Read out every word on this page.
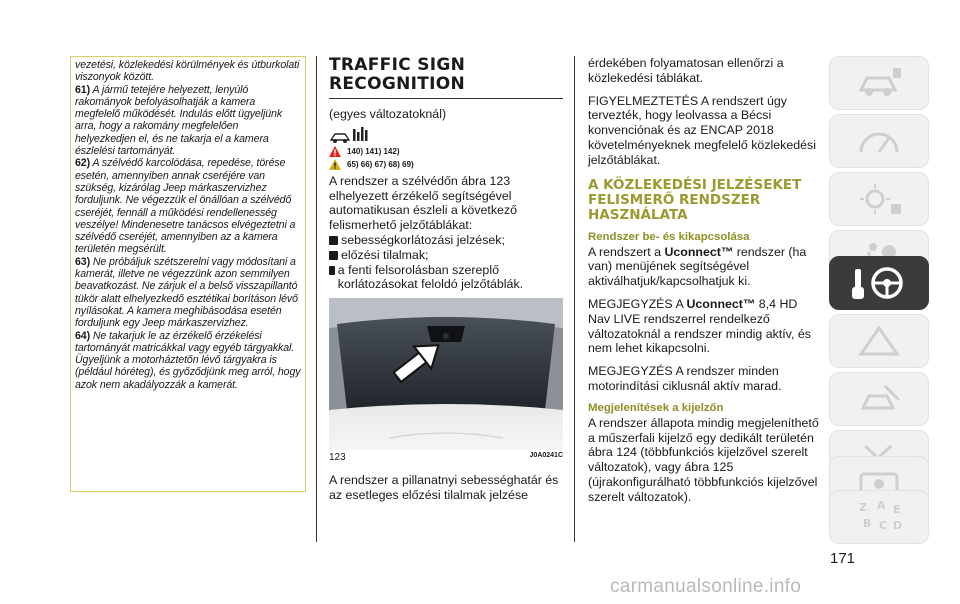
vezetési, közlekedési körülmények és útburkolati viszonyok között.

61) A jármű tetejére helyezett, lenyúló rakományok befolyásolhatják a kamera megfelelő működését. Indulás előtt ügyeljünk arra, hogy a rakomány megfelelően helyezkedjen el, és ne takarja el a kamera észlelési tartományát.

62) A szélvédő karcolódása, repedése, törése esetén, amennyiben annak cseréjére van szükség, kizárólag Jeep márkaszervizhez forduljunk. Ne végezzük el önállóan a szélvédő cseréjét, fennáll a működési rendellenesség veszélye! Mindenesetre tanácsos elvégeztetni a szélvédő cseréjét, amennyiben az a kamera területén megsérült.

63) Ne próbáljuk szétszerelni vagy módosítani a kamerát, illetve ne végezzünk azon semmilyen beavatkozást. Ne zárjuk el a belső visszapillantó tükör alatt elhelyezkedő esztétikai borításon lévő nyílásokat. A kamera meghibásodása esetén forduljunk egy Jeep márkaszervizhez.

64) Ne takarjuk le az érzékelő érzékelési tartományát matricákkal vagy egyéb tárgyakkal. Ügyeljünk a motorháztetőn lévő tárgyakra is (például hóréteg), és győződjünk meg arról, hogy azok nem akadályozzák a kamerát.

TRAFFIC SIGN RECOGNITION

(egyes változatoknál)

140) 141) 142)
65) 66) 67) 68) 69)

A rendszer a szélvédőn ábra 123 elhelyezett érzékelő segítségével automatikusan észleli a következő felismerhető jelzőtáblákat:

sebességkorlátozási jelzések;
előzési tilalmak;
a fenti felsorolásban szereplő korlátozásokat feloldó jelzőtáblák.
123	J0A0241C

A rendszer a pillanatnyi sebességhatár és az esetleges előzési tilalmak jelzése

érdekében folyamatosan ellenőrzi a közlekedési táblákat.

FIGYELMEZTETÉS A rendszert úgy tervezték, hogy leolvassa a Bécsi konvenciónak és az ENCAP 2018 követelményeknek megfelelő közlekedési jelzőtáblákat.

A KÖZLEKEDÉSI JELZÉSEKET FELISMERŐ RENDSZER HASZNÁLATA
Rendszer be- és kikapcsolása

A rendszert a Uconnect™ rendszer (ha van) menüjének segítségével aktiválhatjuk/kapcsolhatjuk ki.

MEGJEGYZÉS A Uconnect™ 8,4 HD Nav LIVE rendszerrel rendelkező változatoknál a rendszer mindig aktív, és nem lehet kikapcsolni.

MEGJEGYZÉS A rendszer minden motorindítási ciklusnál aktív marad.

Megjelenítések a kijelzőn

A rendszer állapota mindig megjeleníthető a műszerfali kijelző egy dedikált területén ábra 124 (többfunkciós kijelzővel szerelt változatok), vagy ábra 125 (újrakonfigurálható többfunkciós kijelzővel szerelt változatok).

Z A E
B C D
171
carmanualsonline.info
